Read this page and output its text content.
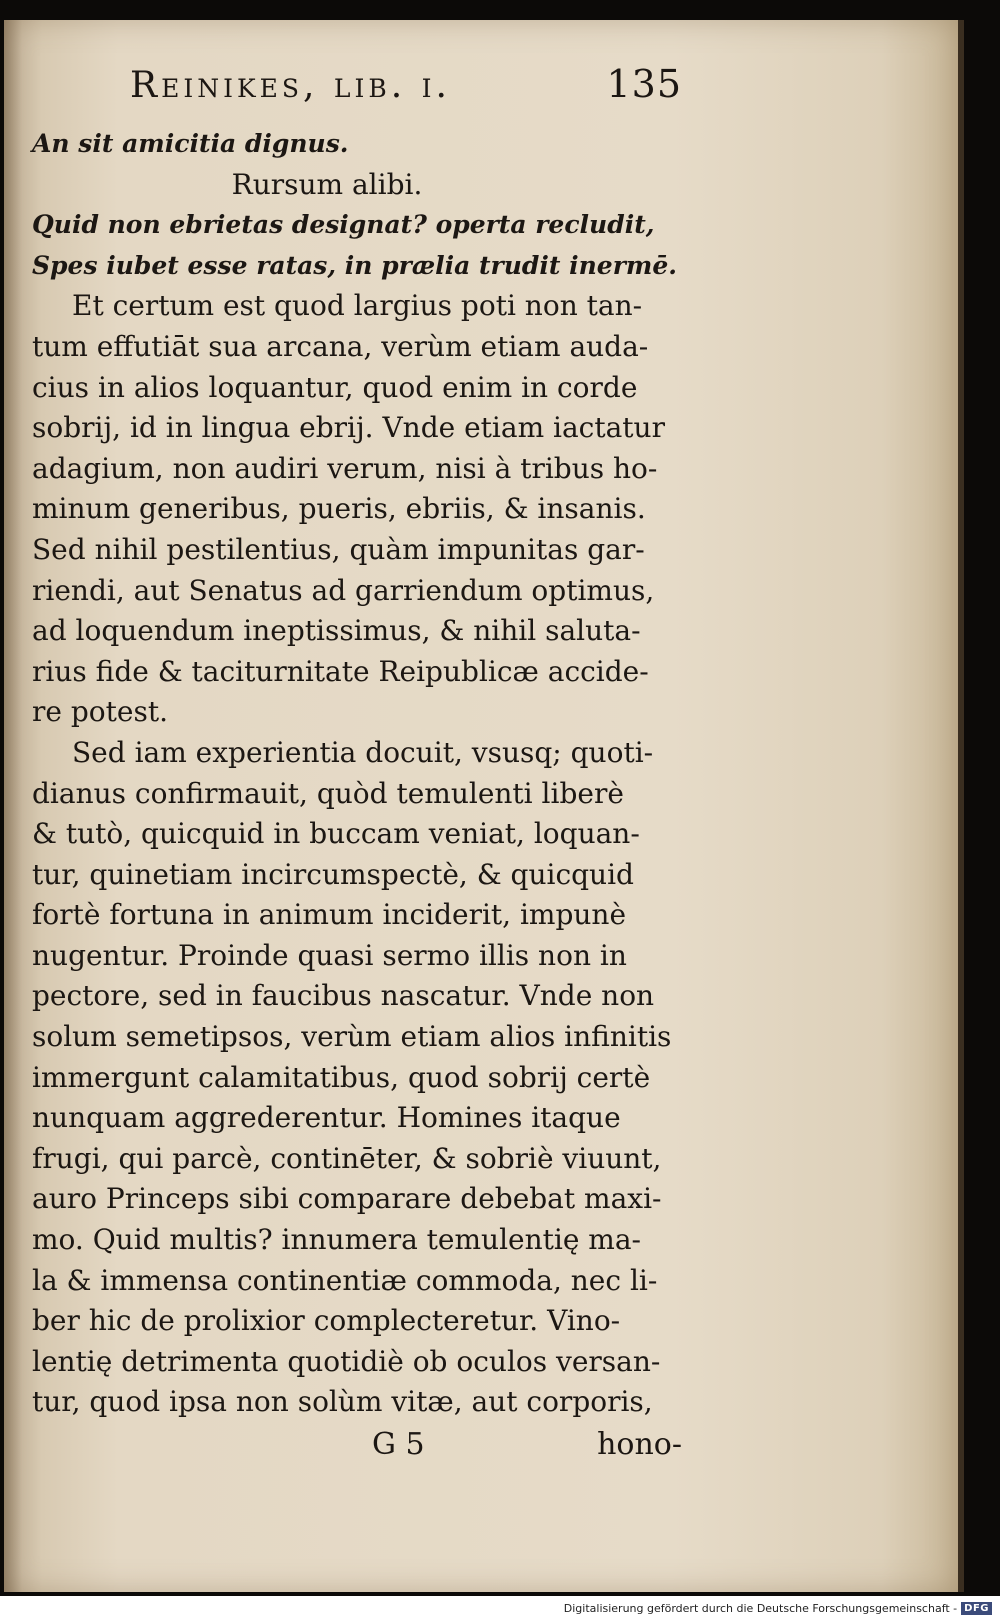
Reinikes, lib. i.	135
An sit amicitia dignus.
Rursum alibi.
Quid non ebrietas designat? operta recludit,
Spes iubet esse ratas, in prælia trudit inermē.
Et certum est quod largius poti non tan-
tum effutiāt sua arcana, verùm etiam auda-
cius in alios loquantur, quod enim in corde
sobrij, id in lingua ebrij. Vnde etiam iactatur
adagium, non audiri verum, nisi à tribus ho-
minum generibus, pueris, ebriis, & insanis.
Sed nihil pestilentius, quàm impunitas gar-
riendi, aut Senatus ad garriendum optimus,
ad loquendum ineptissimus, & nihil saluta-
rius fide & taciturnitate Reipublicæ accide-
re potest.
Sed iam experientia docuit, vsusq; quoti-
dianus confirmauit, quòd temulenti liberè
& tutò, quicquid in buccam veniat, loquan-
tur, quinetiam incircumspectè, & quicquid
fortè fortuna in animum inciderit, impunè
nugentur. Proinde quasi sermo illis non in
pectore, sed in faucibus nascatur. Vnde non
solum semetipsos, verùm etiam alios infinitis
immergunt calamitatibus, quod sobrij certè
nunquam aggrederentur. Homines itaque
frugi, qui parcè, continēter, & sobriè viuunt,
auro Princeps sibi comparare debebat maxi-
mo. Quid multis? innumera temulentię ma-
la & immensa continentiæ commoda, nec li-
ber hic de prolixior complecteretur. Vino-
lentię detrimenta quotidiè ob oculos versan-
tur, quod ipsa non solùm vitæ, aut corporis,
G 5	hono-
Digitalisierung gefördert durch die Deutsche Forschungsgemeinschaft - DFG
